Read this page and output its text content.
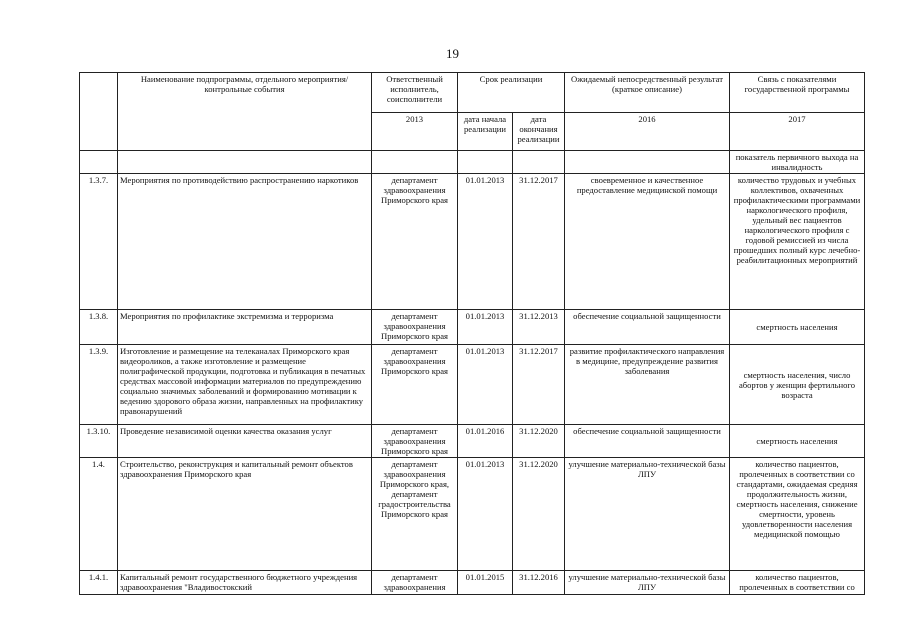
19
	Наименование подпрограммы, отдельного мероприятия/контрольные события	Ответственный исполнитель, соисполнители	Срок реализации		Ожидаемый непосредственный результат (краткое описание)	Связь с показателями государственной программы
		2013	дата начала реализации	дата окончания реализации	2016	2017
						показатель первичного выхода на инвалидность
1.3.7.	Мероприятия по противодействию распространению наркотиков	департамент здравоохранения Приморского края	01.01.2013	31.12.2017	своевременное и качественное предоставление медицинской помощи	количество трудовых и учебных коллективов, охваченных профилактическими программами наркологического профиля, удельный вес пациентов наркологического профиля с годовой ремиссией из числа прошедших полный курс лечебно-реабилитационных мероприятий
1.3.8.	Мероприятия по профилактике экстремизма и терроризма	департамент здравоохранения Приморского края	01.01.2013	31.12.2013	обеспечение социальной защищенности	смертность населения
1.3.9.	Изготовление и размещение на телеканалах Приморского края видеороликов, а также изготовление и размещение полиграфической продукции, подготовка и публикация в печатных средствах массовой информации материалов по предупреждению социально значимых заболеваний и формированию мотивации к ведению здорового образа жизни, направленных на профилактику правонарушений	департамент здравоохранения Приморского края	01.01.2013	31.12.2017	развитие профилактического направления в медицине, предупреждение развития заболевания	смертность населения, число абортов у женщин фертильного возраста
1.3.10.	Проведение независимой оценки качества оказания услуг	департамент здравоохранения Приморского края	01.01.2016	31.12.2020	обеспечение социальной защищенности	смертность населения
1.4.	Строительство, реконструкция и капитальный ремонт объектов здравоохранения Приморского края	департамент здравоохранения Приморского края, департамент градостроительства Приморского края	01.01.2013	31.12.2020	улучшение материально-технической базы ЛПУ	количество пациентов, пролеченных в соответствии со стандартами, ожидаемая средняя продолжительность жизни, смертность населения, снижение смертности, уровень удовлетворенности населения медицинской помощью
1.4.1.	Капитальный ремонт государственного бюджетного учреждения здравоохранения "Владивостокский	департамент здравоохранения	01.01.2015	31.12.2016	улучшение материально-технической базы ЛПУ	количество пациентов, пролеченных в соответствии со
